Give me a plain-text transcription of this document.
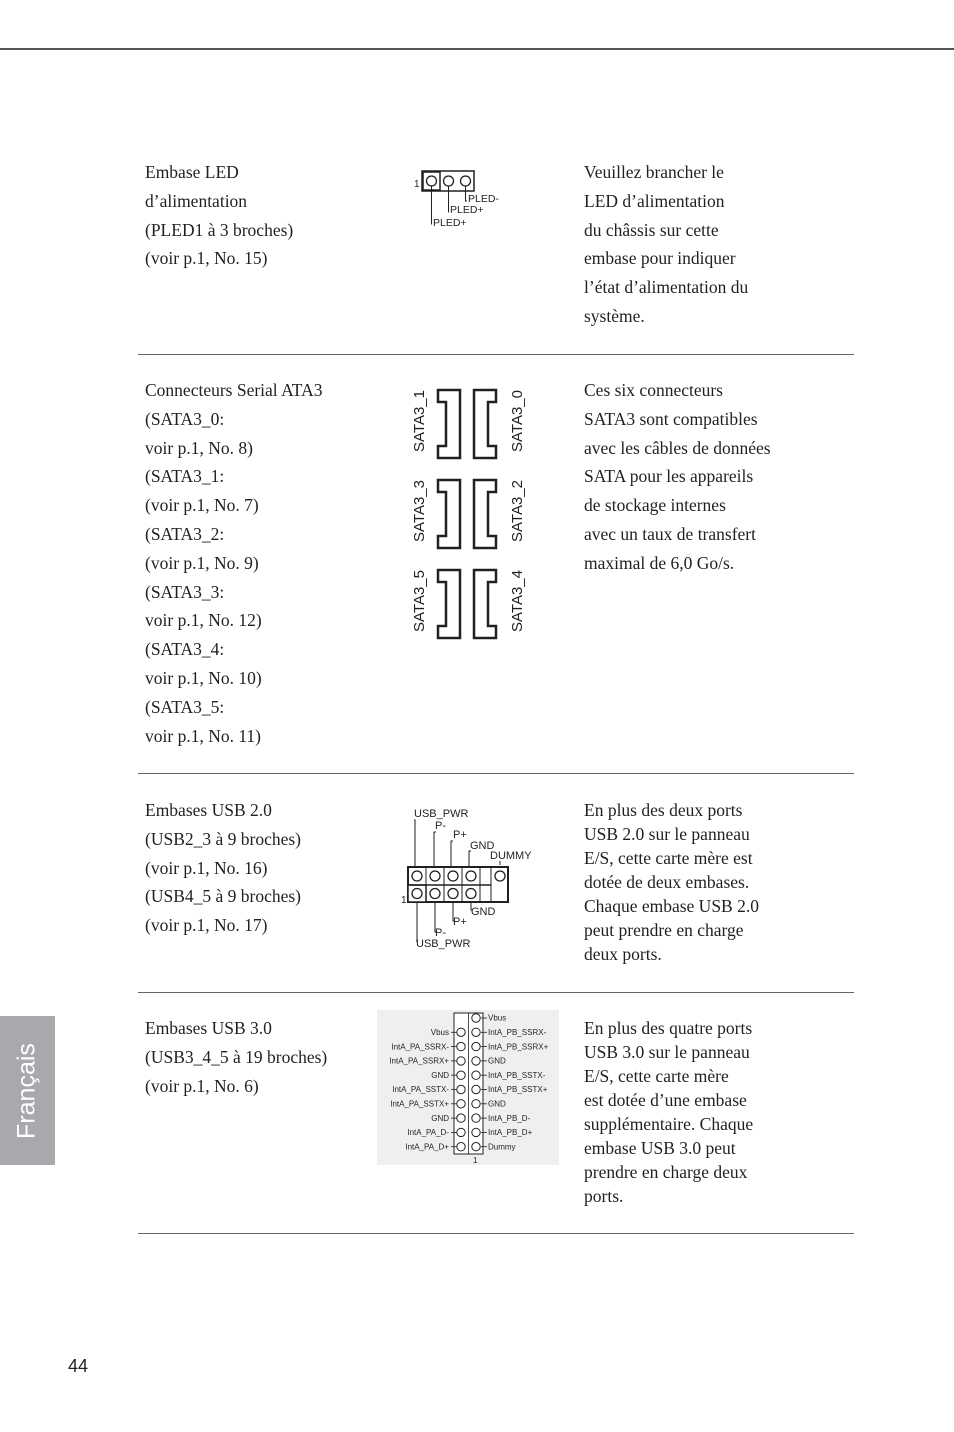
Embase LED
d’alimentation
(PLED1 à 3 broches)
(voir p.1, No. 15)
Veuillez brancher le
LED d’alimentation
du châssis sur cette
embase pour indiquer
l’état d’alimentation du
système.
1
PLED-
PLED+
PLED+
Connecteurs Serial ATA3
(SATA3_0:
voir p.1, No. 8)
(SATA3_1:
(voir p.1, No. 7)
(SATA3_2:
(voir p.1, No. 9)
(SATA3_3:
voir p.1, No. 12)
(SATA3_4:
voir p.1, No. 10)
(SATA3_5:
voir p.1, No. 11)
Ces six connecteurs
SATA3 sont compatibles
avec les câbles de données
SATA pour les appareils
de stockage internes
avec un taux de transfert
maximal de 6,0 Go/s.
SATA3_1	SATA3_0
SATA3_3	SATA3_2
SATA3_5	SATA3_4
Embases USB 2.0
(USB2_3 à 9 broches)
(voir p.1, No. 16)
(USB4_5 à 9 broches)
(voir p.1, No. 17)
En plus des deux ports
USB 2.0 sur le panneau
E/S, cette carte mère est
dotée de deux embases.
Chaque embase USB 2.0
peut prendre en charge
deux ports.
USB_PWR
P-
P+
GND
DUMMY
1
GND
P+
P-
USB_PWR
Embases USB 3.0
(USB3_4_5 à 19 broches)
(voir p.1, No. 6)
En plus des quatre ports
USB 3.0 sur le panneau
E/S, cette carte mère
est dotée d’une embase
supplémentaire. Chaque
embase USB 3.0 peut
prendre en charge deux
ports.
Vbus
IntA_PA_SSRX-
IntA_PA_SSRX+
GND
IntA_PA_SSTX-
IntA_PA_SSTX+
GND
IntA_PA_D-
IntA_PA_D+
Vbus
IntA_PB_SSRX-
IntA_PB_SSRX+
GND
IntA_PB_SSTX-
IntA_PB_SSTX+
GND
IntA_PB_D-
IntA_PB_D+
Dummy
1
Français
44
